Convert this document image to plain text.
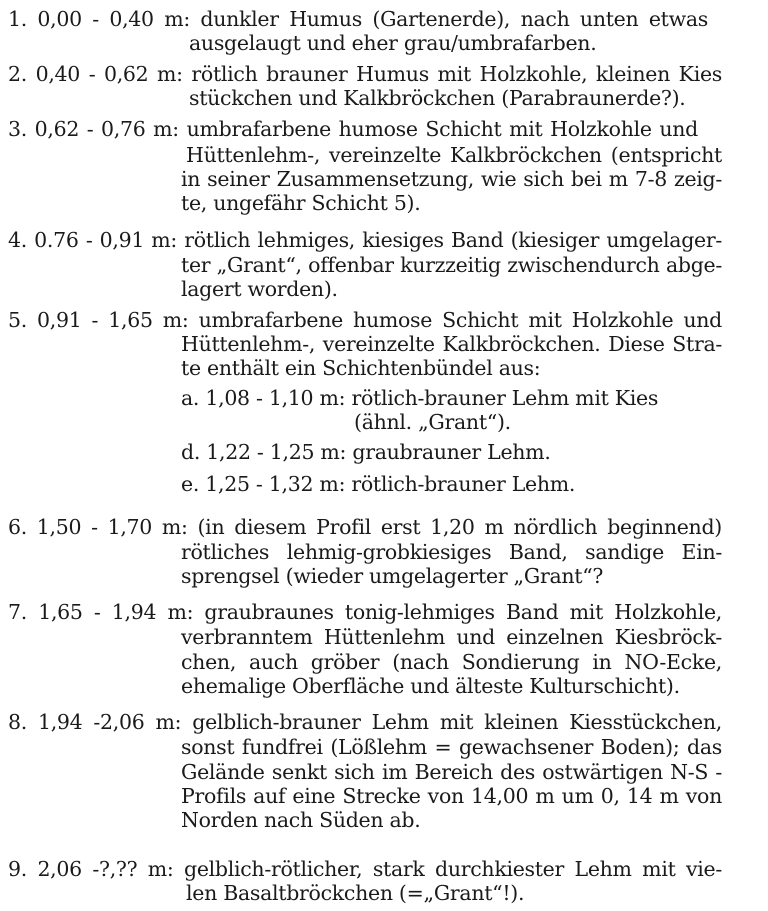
1. 0,00 - 0,40 m: dunkler Humus (Gartenerde), nach unten etwas
ausgelaugt und eher grau/umbrafarben.
2. 0,40 - 0,62 m: rötlich brauner Humus mit Holzkohle, kleinen Kies
stückchen und Kalkbröckchen (Parabraunerde?).
3. 0,62 - 0,76 m: umbrafarbene humose Schicht mit Holzkohle und
Hüttenlehm-, vereinzelte Kalkbröckchen (entspricht
in seiner Zusammensetzung, wie sich bei m 7-8 zeig-
te, ungefähr Schicht 5).
4. 0.76 - 0,91 m: rötlich lehmiges, kiesiges Band (kiesiger umgelager-
ter „Grant“, offenbar kurzzeitig zwischendurch abge-
lagert worden).
5. 0,91 - 1,65 m: umbrafarbene humose Schicht mit Holzkohle und
Hüttenlehm-, vereinzelte Kalkbröckchen. Diese Stra-
te enthält ein Schichtenbündel aus:
a. 1,08 - 1,10 m: rötlich-brauner Lehm mit Kies
(ähnl. „Grant“).
d. 1,22 - 1,25 m: graubrauner Lehm.
e. 1,25 - 1,32 m: rötlich-brauner Lehm.
6. 1,50 - 1,70 m: (in diesem Profil erst 1,20 m nördlich beginnend)
rötliches lehmig-grobkiesiges Band, sandige Ein-
sprengsel (wieder umgelagerter „Grant“?
7. 1,65 - 1,94 m: graubraunes tonig-lehmiges Band mit Holzkohle,
verbranntem Hüttenlehm und einzelnen Kiesbröck-
chen, auch gröber (nach Sondierung in NO-Ecke,
ehemalige Oberfläche und älteste Kulturschicht).
8. 1,94 -2,06 m: gelblich-brauner Lehm mit kleinen Kiesstückchen,
sonst fundfrei (Lößlehm = gewachsener Boden); das
Gelände senkt sich im Bereich des ostwärtigen N-S -
Profils auf eine Strecke von 14,00 m um 0, 14 m von
Norden nach Süden ab.
9. 2,06 -?,?? m: gelblich-rötlicher, stark durchkiester Lehm mit vie-
len Basaltbröckchen (=„Grant“!).
